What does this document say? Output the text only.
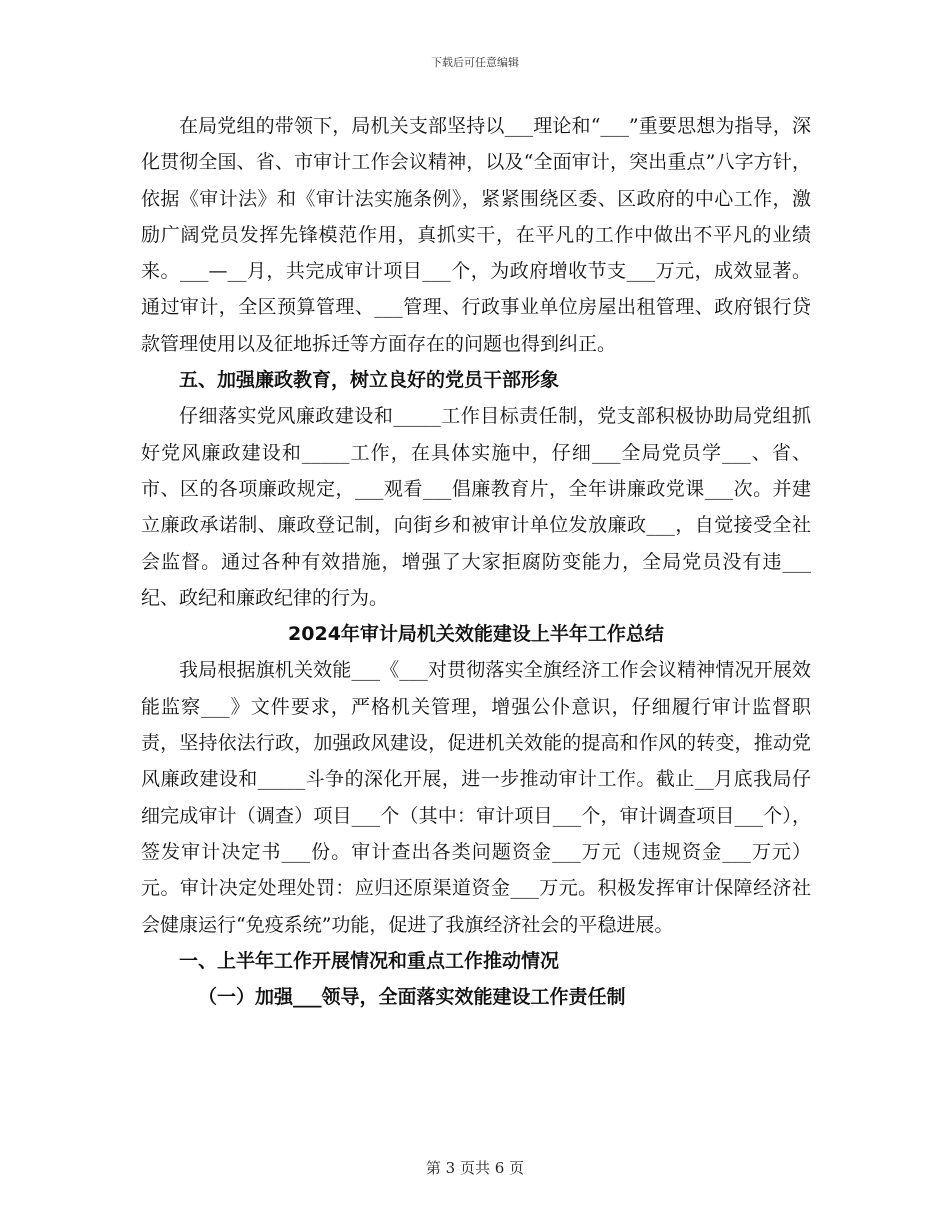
下载后可任意编辑

在局党组的带领下，局机关支部坚持以___理论和“___”重要思想为指导，深化贯彻全国、省、市审计工作会议精神，以及“全面审计，突出重点”八字方针，依据《审计法》和《审计法实施条例》，紧紧围绕区委、区政府的中心工作，激励广阔党员发挥先锋模范作用，真抓实干，在平凡的工作中做出不平凡的业绩来。___—__月，共完成审计项目___个，为政府增收节支___万元，成效显著。通过审计，全区预算管理、___管理、行政事业单位房屋出租管理、政府银行贷款管理使用以及征地拆迁等方面存在的问题也得到纠正。

五、加强廉政教育，树立良好的党员干部形象

仔细落实党风廉政建设和_____工作目标责任制，党支部积极协助局党组抓好党风廉政建设和_____工作，在具体实施中，仔细___全局党员学___、省、市、区的各项廉政规定，___观看___倡廉教育片，全年讲廉政党课___次。并建立廉政承诺制、廉政登记制，向街乡和被审计单位发放廉政___，自觉接受全社会监督。通过各种有效措施，增强了大家拒腐防变能力，全局党员没有违___纪、政纪和廉政纪律的行为。

2024年审计局机关效能建设上半年工作总结

我局根据旗机关效能___《___对贯彻落实全旗经济工作会议精神情况开展效能监察___》文件要求，严格机关管理，增强公仆意识，仔细履行审计监督职责，坚持依法行政，加强政风建设，促进机关效能的提高和作风的转变，推动党风廉政建设和_____斗争的深化开展，进一步推动审计工作。截止__月底我局仔细完成审计（调查）项目___个（其中：审计项目___个，审计调查项目___个），签发审计决定书___份。审计查出各类问题资金___万元（违规资金___万元）元。审计决定处理处罚：应归还原渠道资金___万元。积极发挥审计保障经济社会健康运行“免疫系统”功能，促进了我旗经济社会的平稳进展。

一、上半年工作开展情况和重点工作推动情况

（一）加强___领导，全面落实效能建设工作责任制

第 3 页共 6 页
